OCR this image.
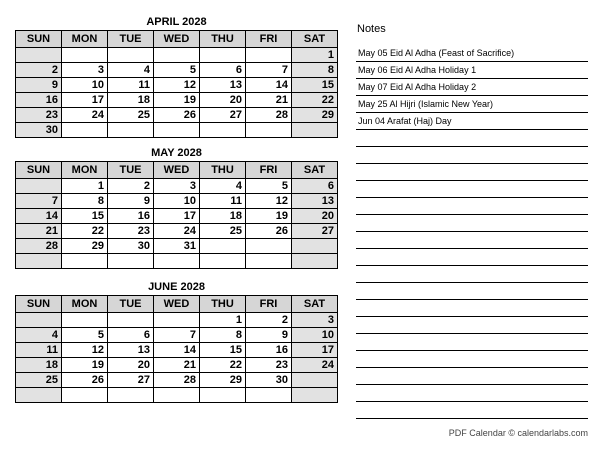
APRIL 2028
SUN	MON	TUE	WED	THU	FRI	SAT
						1
2	3	4	5	6	7	8
9	10	11	12	13	14	15
16	17	18	19	20	21	22
23	24	25	26	27	28	29
30						
MAY 2028
SUN	MON	TUE	WED	THU	FRI	SAT
	1	2	3	4	5	6
7	8	9	10	11	12	13
14	15	16	17	18	19	20
21	22	23	24	25	26	27
28	29	30	31			

JUNE 2028
SUN	MON	TUE	WED	THU	FRI	SAT
				1	2	3
4	5	6	7	8	9	10
11	12	13	14	15	16	17
18	19	20	21	22	23	24
25	26	27	28	29	30	

Notes
May 05 Eid Al Adha (Feast of Sacrifice)
May 06 Eid Al Adha Holiday 1
May 07 Eid Al Adha Holiday 2
May 25 Al Hijri (Islamic New Year)
Jun 04 Arafat (Haj) Day
PDF Calendar © calendarlabs.com
